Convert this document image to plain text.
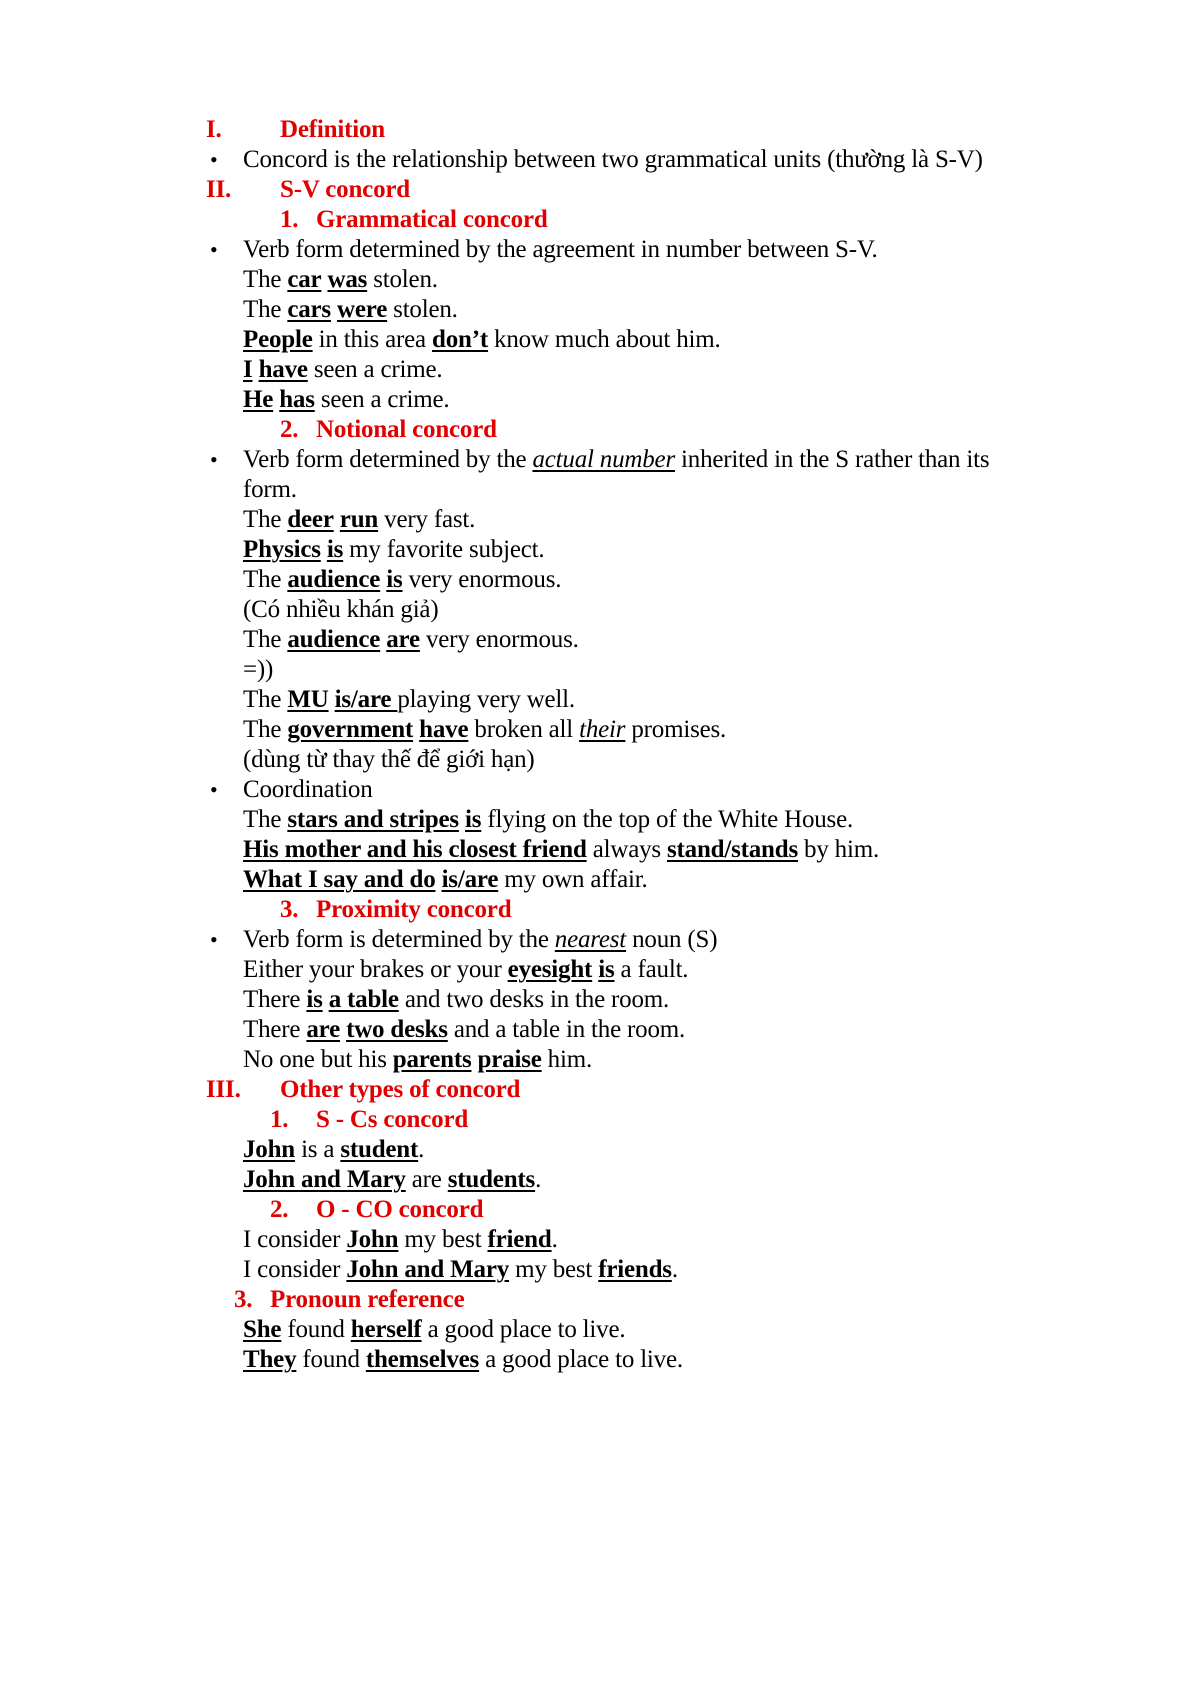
I. Definition
• Concord is the relationship between two grammatical units (thường là S-V)
II. S-V concord
1. Grammatical concord
• Verb form determined by the agreement in number between S-V.
The car was stolen.
The cars were stolen.
People in this area don’t know much about him.
I have seen a crime.
He has seen a crime.
2. Notional concord
• Verb form determined by the actual number inherited in the S rather than its
form.
The deer run very fast.
Physics is my favorite subject.
The audience is very enormous.
(Có nhiều khán giả)
The audience are very enormous.
=))
The MU is/are playing very well.
The government have broken all their promises.
(dùng từ thay thế để giới hạn)
• Coordination
The stars and stripes is flying on the top of the White House.
His mother and his closest friend always stand/stands by him.
What I say and do is/are my own affair.
3. Proximity concord
• Verb form is determined by the nearest noun (S)
Either your brakes or your eyesight is a fault.
There is a table and two desks in the room.
There are two desks and a table in the room.
No one but his parents praise him.
III. Other types of concord
1. S - Cs concord
John is a student.
John and Mary are students.
2. O - CO concord
I consider John my best friend.
I consider John and Mary my best friends.
3. Pronoun reference
She found herself a good place to live.
They found themselves a good place to live.
